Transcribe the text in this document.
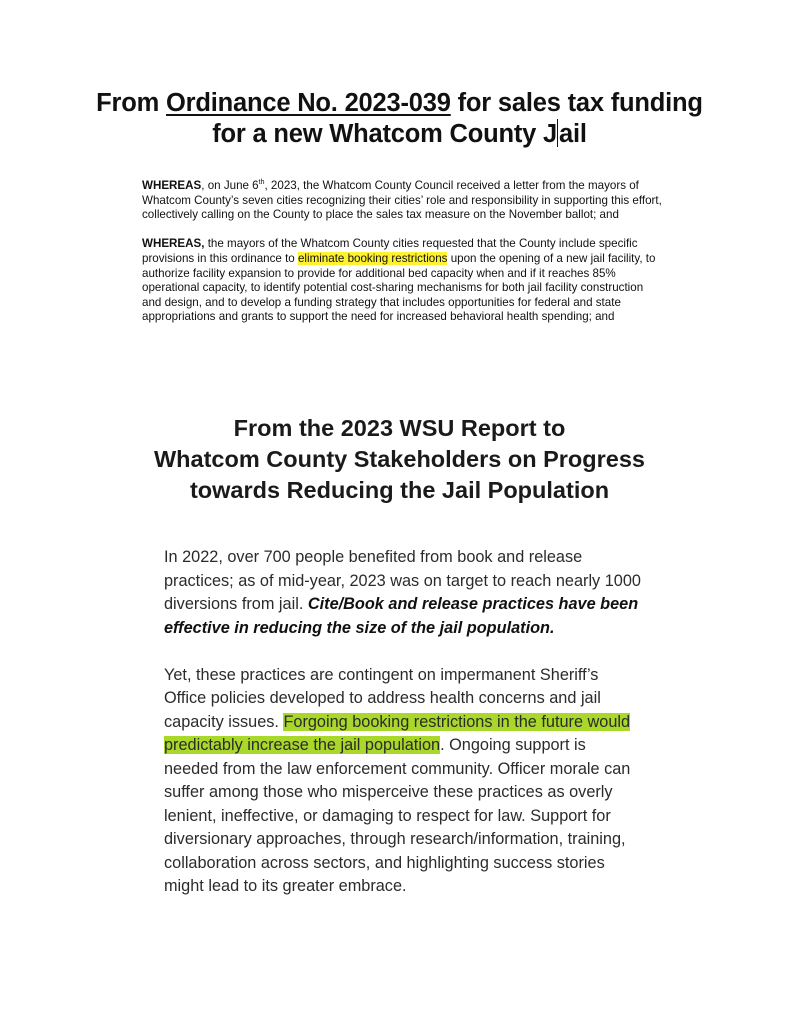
From Ordinance No. 2023-039 for sales tax funding
for a new Whatcom County Jail

WHEREAS, on June 6th, 2023, the Whatcom County Council received a letter from the mayors of Whatcom County’s seven cities recognizing their cities’ role and responsibility in supporting this effort, collectively calling on the County to place the sales tax measure on the November ballot; and

WHEREAS, the mayors of the Whatcom County cities requested that the County include specific provisions in this ordinance to eliminate booking restrictions upon the opening of a new jail facility, to authorize facility expansion to provide for additional bed capacity when and if it reaches 85% operational capacity, to identify potential cost-sharing mechanisms for both jail facility construction and design, and to develop a funding strategy that includes opportunities for federal and state appropriations and grants to support the need for increased behavioral health spending; and

From the 2023 WSU Report to
Whatcom County Stakeholders on Progress
towards Reducing the Jail Population

In 2022, over 700 people benefited from book and release practices; as of mid-year, 2023 was on target to reach nearly 1000 diversions from jail. Cite/Book and release practices have been effective in reducing the size of the jail population.

Yet, these practices are contingent on impermanent Sheriff’s Office policies developed to address health concerns and jail capacity issues. Forgoing booking restrictions in the future would predictably increase the jail population. Ongoing support is needed from the law enforcement community. Officer morale can suffer among those who misperceive these practices as overly lenient, ineffective, or damaging to respect for law. Support for diversionary approaches, through research/information, training, collaboration across sectors, and highlighting success stories might lead to its greater embrace.
